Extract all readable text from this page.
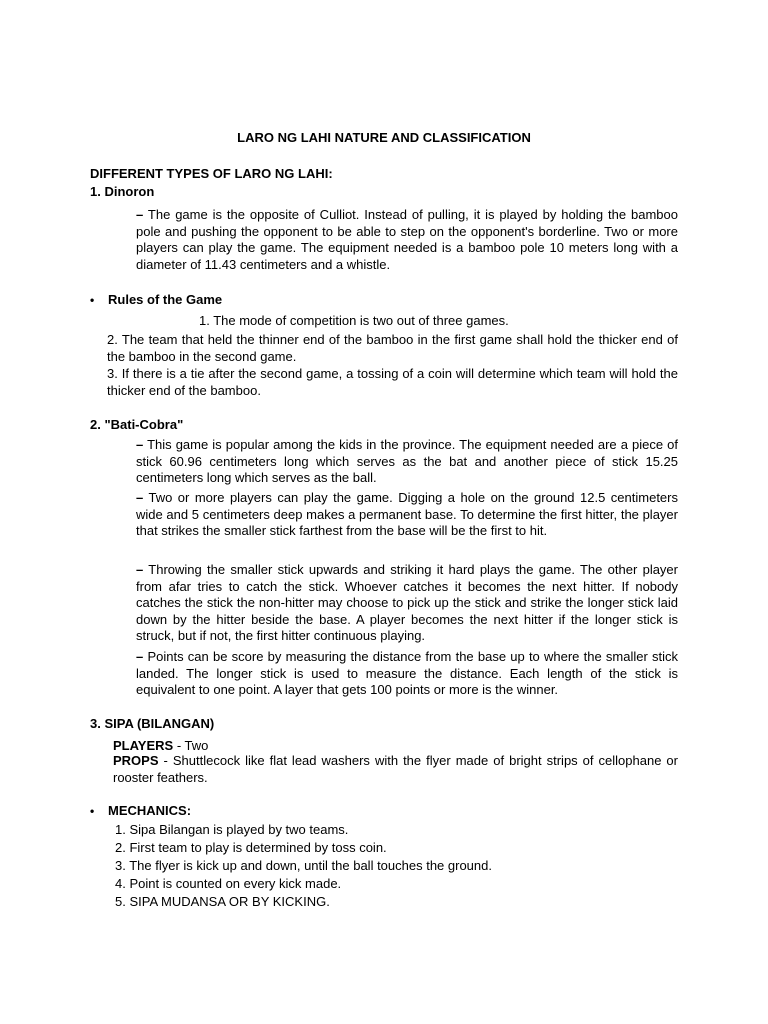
LARO NG LAHI NATURE AND CLASSIFICATION
DIFFERENT TYPES OF LARO NG LAHI:
1. Dinoron
– The game is the opposite of Culliot. Instead of pulling, it is played by holding the bamboo pole and pushing the opponent to be able to step on the opponent's borderline. Two or more players can play the game. The equipment needed is a bamboo pole 10 meters long with a diameter of 11.43 centimeters and a whistle.
• Rules of the Game
1. The mode of competition is two out of three games.
2. The team that held the thinner end of the bamboo in the first game shall hold the thicker end of the bamboo in the second game.
3. If there is a tie after the second game, a tossing of a coin will determine which team will hold the thicker end of the bamboo.
2. "Bati-Cobra"
– This game is popular among the kids in the province. The equipment needed are a piece of stick 60.96 centimeters long which serves as the bat and another piece of stick 15.25 centimeters long which serves as the ball.
– Two or more players can play the game. Digging a hole on the ground 12.5 centimeters wide and 5 centimeters deep makes a permanent base. To determine the first hitter, the player that strikes the smaller stick farthest from the base will be the first to hit.
– Throwing the smaller stick upwards and striking it hard plays the game. The other player from afar tries to catch the stick. Whoever catches it becomes the next hitter. If nobody catches the stick the non-hitter may choose to pick up the stick and strike the longer stick laid down by the hitter beside the base. A player becomes the next hitter if the longer stick is struck, but if not, the first hitter continuous playing.
– Points can be score by measuring the distance from the base up to where the smaller stick landed. The longer stick is used to measure the distance. Each length of the stick is equivalent to one point. A layer that gets 100 points or more is the winner.
3. SIPA (BILANGAN)
PLAYERS - Two
PROPS - Shuttlecock like flat lead washers with the flyer made of bright strips of cellophane or rooster feathers.
• MECHANICS:
1. Sipa Bilangan is played by two teams.
2. First team to play is determined by toss coin.
3. The flyer is kick up and down, until the ball touches the ground.
4. Point is counted on every kick made.
5. SIPA MUDANSA OR BY KICKING.
